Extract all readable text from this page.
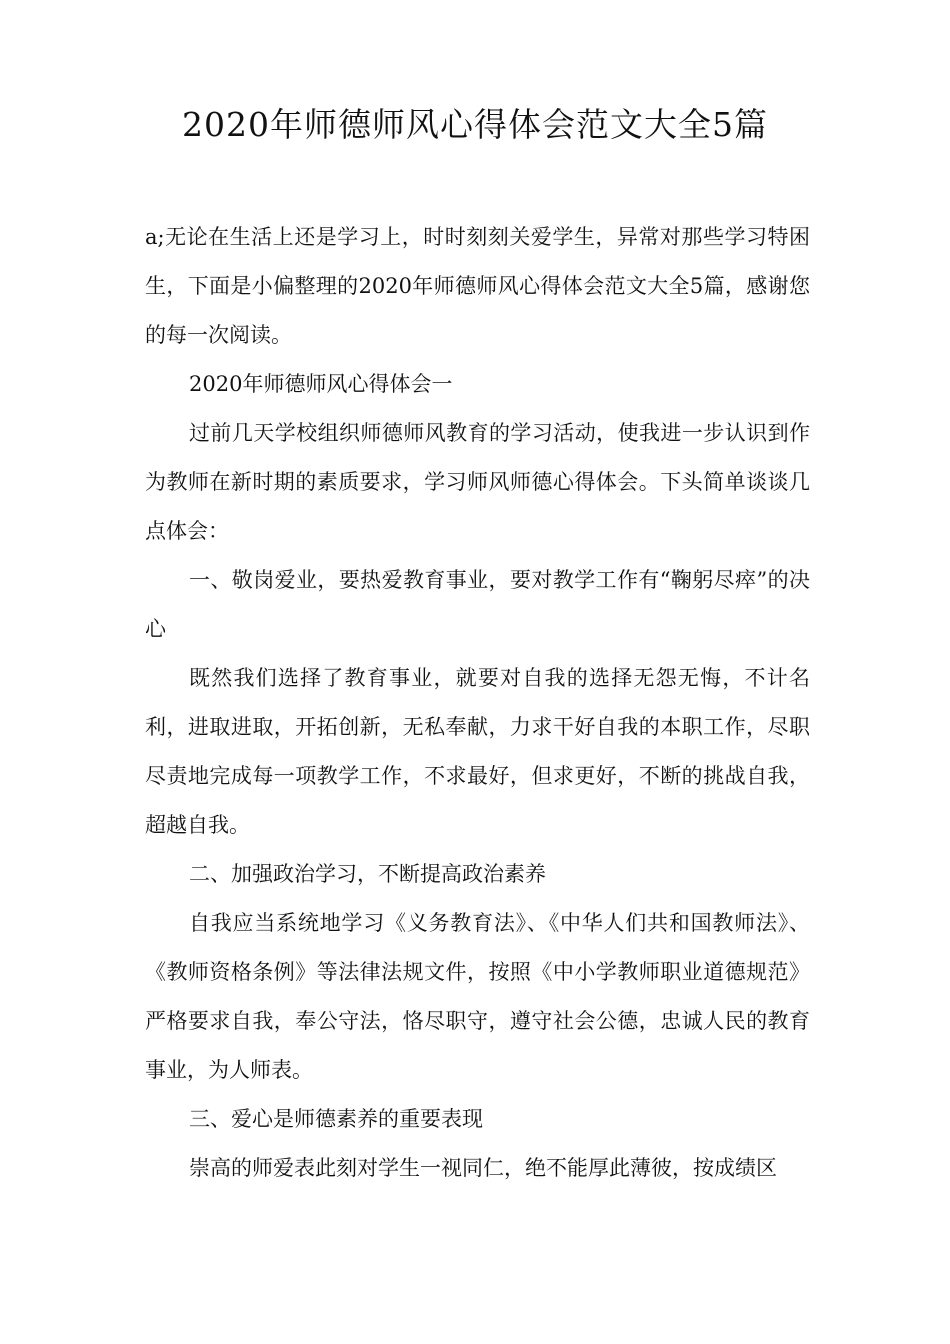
2020年师德师风心得体会范文大全5篇

a;无论在生活上还是学习上，时时刻刻关爱学生，异常对那些学习特困生，下面是小偏整理的2020年师德师风心得体会范文大全5篇，感谢您的每一次阅读。

2020年师德师风心得体会一

过前几天学校组织师德师风教育的学习活动，使我进一步认识到作为教师在新时期的素质要求，学习师风师德心得体会。下头简单谈谈几点体会：

一、敬岗爱业，要热爱教育事业，要对教学工作有“鞠躬尽瘁”的决心

既然我们选择了教育事业，就要对自我的选择无怨无悔，不计名利，进取进取，开拓创新，无私奉献，力求干好自我的本职工作，尽职尽责地完成每一项教学工作，不求最好，但求更好，不断的挑战自我，超越自我。

二、加强政治学习，不断提高政治素养

自我应当系统地学习《义务教育法》、《中华人们共和国教师法》、《教师资格条例》等法律法规文件，按照《中小学教师职业道德规范》严格要求自我，奉公守法，恪尽职守，遵守社会公德，忠诚人民的教育事业，为人师表。

三、爱心是师德素养的重要表现

崇高的师爱表此刻对学生一视同仁，绝不能厚此薄彼，按成绩区
